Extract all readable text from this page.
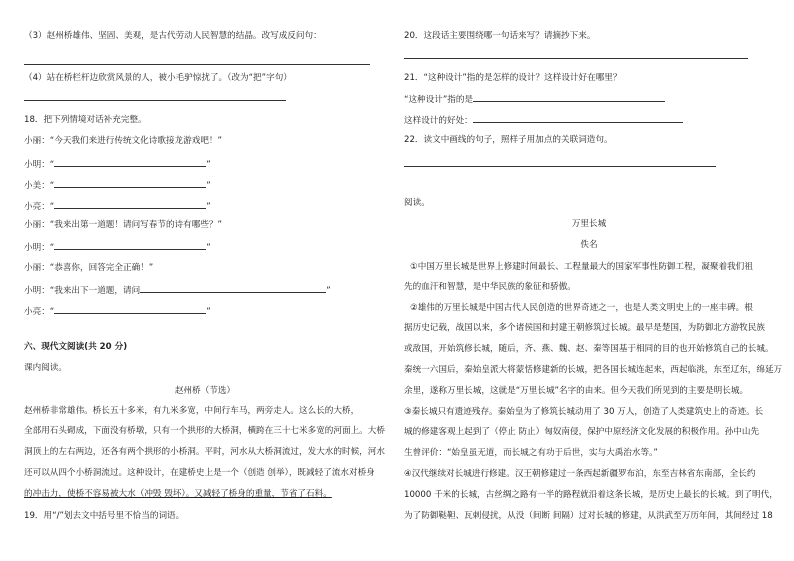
（3）赵州桥雄伟、坚固、美观，是古代劳动人民智慧的结晶。改写成反问句：
（4）站在桥栏杆边欣赏风景的人，被小毛驴惊扰了。（改为“把”字句）
18．把下列情境对话补充完整。
小丽：“今天我们来进行传统文化诗歌接龙游戏吧！”
小明：“	”
小美：“	”
小亮：“	”
小丽：“我来出第一道题！请问写春节的诗有哪些？”
小明：“	”
小丽：“恭喜你，回答完全正确！”
小明：“我来出下一道题，请问	”
小亮：“	”
六、现代文阅读(共 20 分)
课内阅读。
赵州桥（节选）
赵州桥非常雄伟。桥长五十多米，有九米多宽，中间行车马，两旁走人。这么长的大桥，
全部用石头砌成，下面没有桥墩，只有一个拱形的大桥洞，横跨在三十七米多宽的河面上。大桥
洞顶上的左右两边，还各有两个拱形的小桥洞。平时，河水从大桥洞流过，发大水的时候，河水
还可以从四个小桥洞流过。这种设计，在建桥史上是一个（创造 创举），既减轻了流水对桥身
的冲击力，使桥不容易被大水（冲毁 毁坏）。又减轻了桥身的重量，节省了石料。
19．用“/”划去文中括号里不恰当的词语。
20．这段话主要围绕哪一句话来写？请摘抄下来。
21．“这种设计”指的是怎样的设计？这样设计好在哪里？
“这种设计”指的是
这样设计的好处：
22．读文中画线的句子，照样子用加点的关联词造句。
阅读。
万里长城
佚名
①中国万里长城是世界上修建时间最长、工程量最大的国家军事性防御工程，凝聚着我们祖
先的血汗和智慧，是中华民族的象征和骄傲。
②雄伟的万里长城是中国古代人民创造的世界奇迹之一，也是人类文明史上的一座丰碑。根
据历史记载，战国以来，多个诸侯国和封建王朝修筑过长城。最早是楚国，为防御北方游牧民族
或敌国，开始筑修长城，随后，齐、燕、魏、赵、秦等国基于相同的目的也开始修筑自己的长城。
秦统一六国后，秦始皇派大将蒙恬修建新的长城，把各国长城连起来，西起临洮，东至辽东，绵延万
余里，遂称万里长城，这就是“万里长城”名字的由来。但今天我们所见到的主要是明长城。
③秦长城只有遗迹残存。秦始皇为了修筑长城动用了 30 万人，创造了人类建筑史上的奇迹。长
城的修建客观上起到了（停止 防止）匈奴南侵，保护中原经济文化发展的积极作用。孙中山先
生曾评价：“始皇虽无道，而长城之有功于后世，实与大禹治水等。”
④汉代继续对长城进行修建。汉王朝修建过一条西起新疆罗布泊，东至吉林省东南部，全长约
10000 千米的长城，古丝绸之路有一半的路程就沿着这条长城，是历史上最长的长城。到了明代，
为了防御鞑靼、瓦剌侵扰，从没（间断 间隔）过对长城的修建，从洪武至万历年间，其间经过 18
